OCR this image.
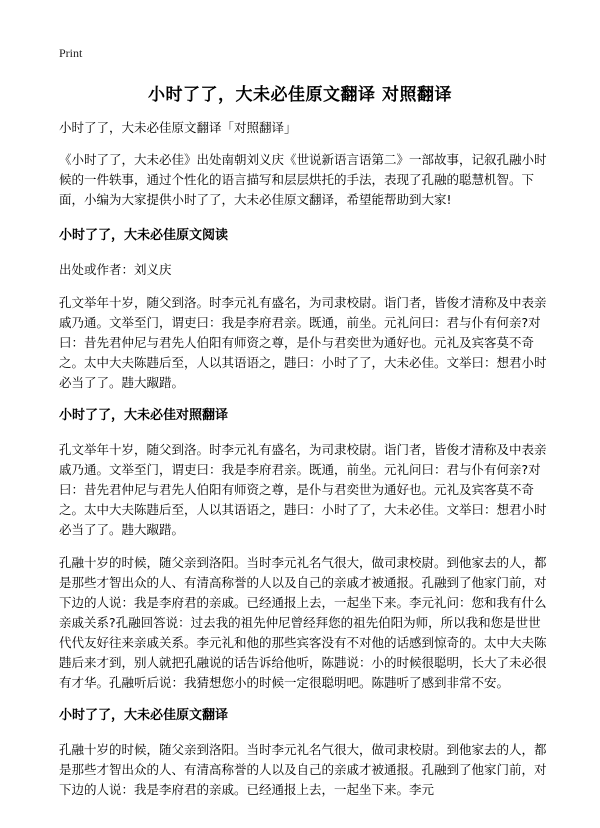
Print
小时了了，大未必佳原文翻译 对照翻译

小时了了，大未必佳原文翻译「对照翻译」

《小时了了，大未必佳》出处南朝刘义庆《世说新语言语第二》一部故事，记叙孔融小时候的一件轶事，通过个性化的语言描写和层层烘托的手法，表现了孔融的聪慧机智。下面，小编为大家提供小时了了，大未必佳原文翻译，希望能帮助到大家!

小时了了，大未必佳原文阅读

出处或作者：刘义庆

孔文举年十岁，随父到洛。时李元礼有盛名，为司隶校尉。诣门者，皆俊才清称及中表亲戚乃通。文举至门，谓吏曰：我是李府君亲。既通，前坐。元礼问曰：君与仆有何亲?对曰：昔先君仲尼与君先人伯阳有师资之尊，是仆与君奕世为通好也。元礼及宾客莫不奇之。太中大夫陈韪后至，人以其语语之，韪曰：小时了了，大未必佳。文举曰：想君小时必当了了。韪大踧踖。

小时了了，大未必佳对照翻译

孔文举年十岁，随父到洛。时李元礼有盛名，为司隶校尉。诣门者，皆俊才清称及中表亲戚乃通。文举至门，谓吏曰：我是李府君亲。既通，前坐。元礼问曰：君与仆有何亲?对曰：昔先君仲尼与君先人伯阳有师资之尊，是仆与君奕世为通好也。元礼及宾客莫不奇之。太中大夫陈韪后至，人以其语语之，韪曰：小时了了，大未必佳。文举曰：想君小时必当了了。韪大踧踖。

孔融十岁的时候，随父亲到洛阳。当时李元礼名气很大，做司隶校尉。到他家去的人，都是那些才智出众的人、有清高称誉的人以及自己的亲戚才被通报。孔融到了他家门前，对下边的人说：我是李府君的亲戚。已经通报上去，一起坐下来。李元礼问：您和我有什么亲戚关系?孔融回答说：过去我的祖先仲尼曾经拜您的祖先伯阳为师，所以我和您是世世代代友好往来亲戚关系。李元礼和他的那些宾客没有不对他的话感到惊奇的。太中大夫陈韪后来才到，别人就把孔融说的话告诉给他听，陈韪说：小的时候很聪明，长大了未必很有才华。孔融听后说：我猜想您小的时候一定很聪明吧。陈韪听了感到非常不安。

小时了了，大未必佳原文翻译

孔融十岁的时候，随父亲到洛阳。当时李元礼名气很大，做司隶校尉。到他家去的人，都是那些才智出众的人、有清高称誉的人以及自己的亲戚才被通报。孔融到了他家门前，对下边的人说：我是李府君的亲戚。已经通报上去，一起坐下来。李元
